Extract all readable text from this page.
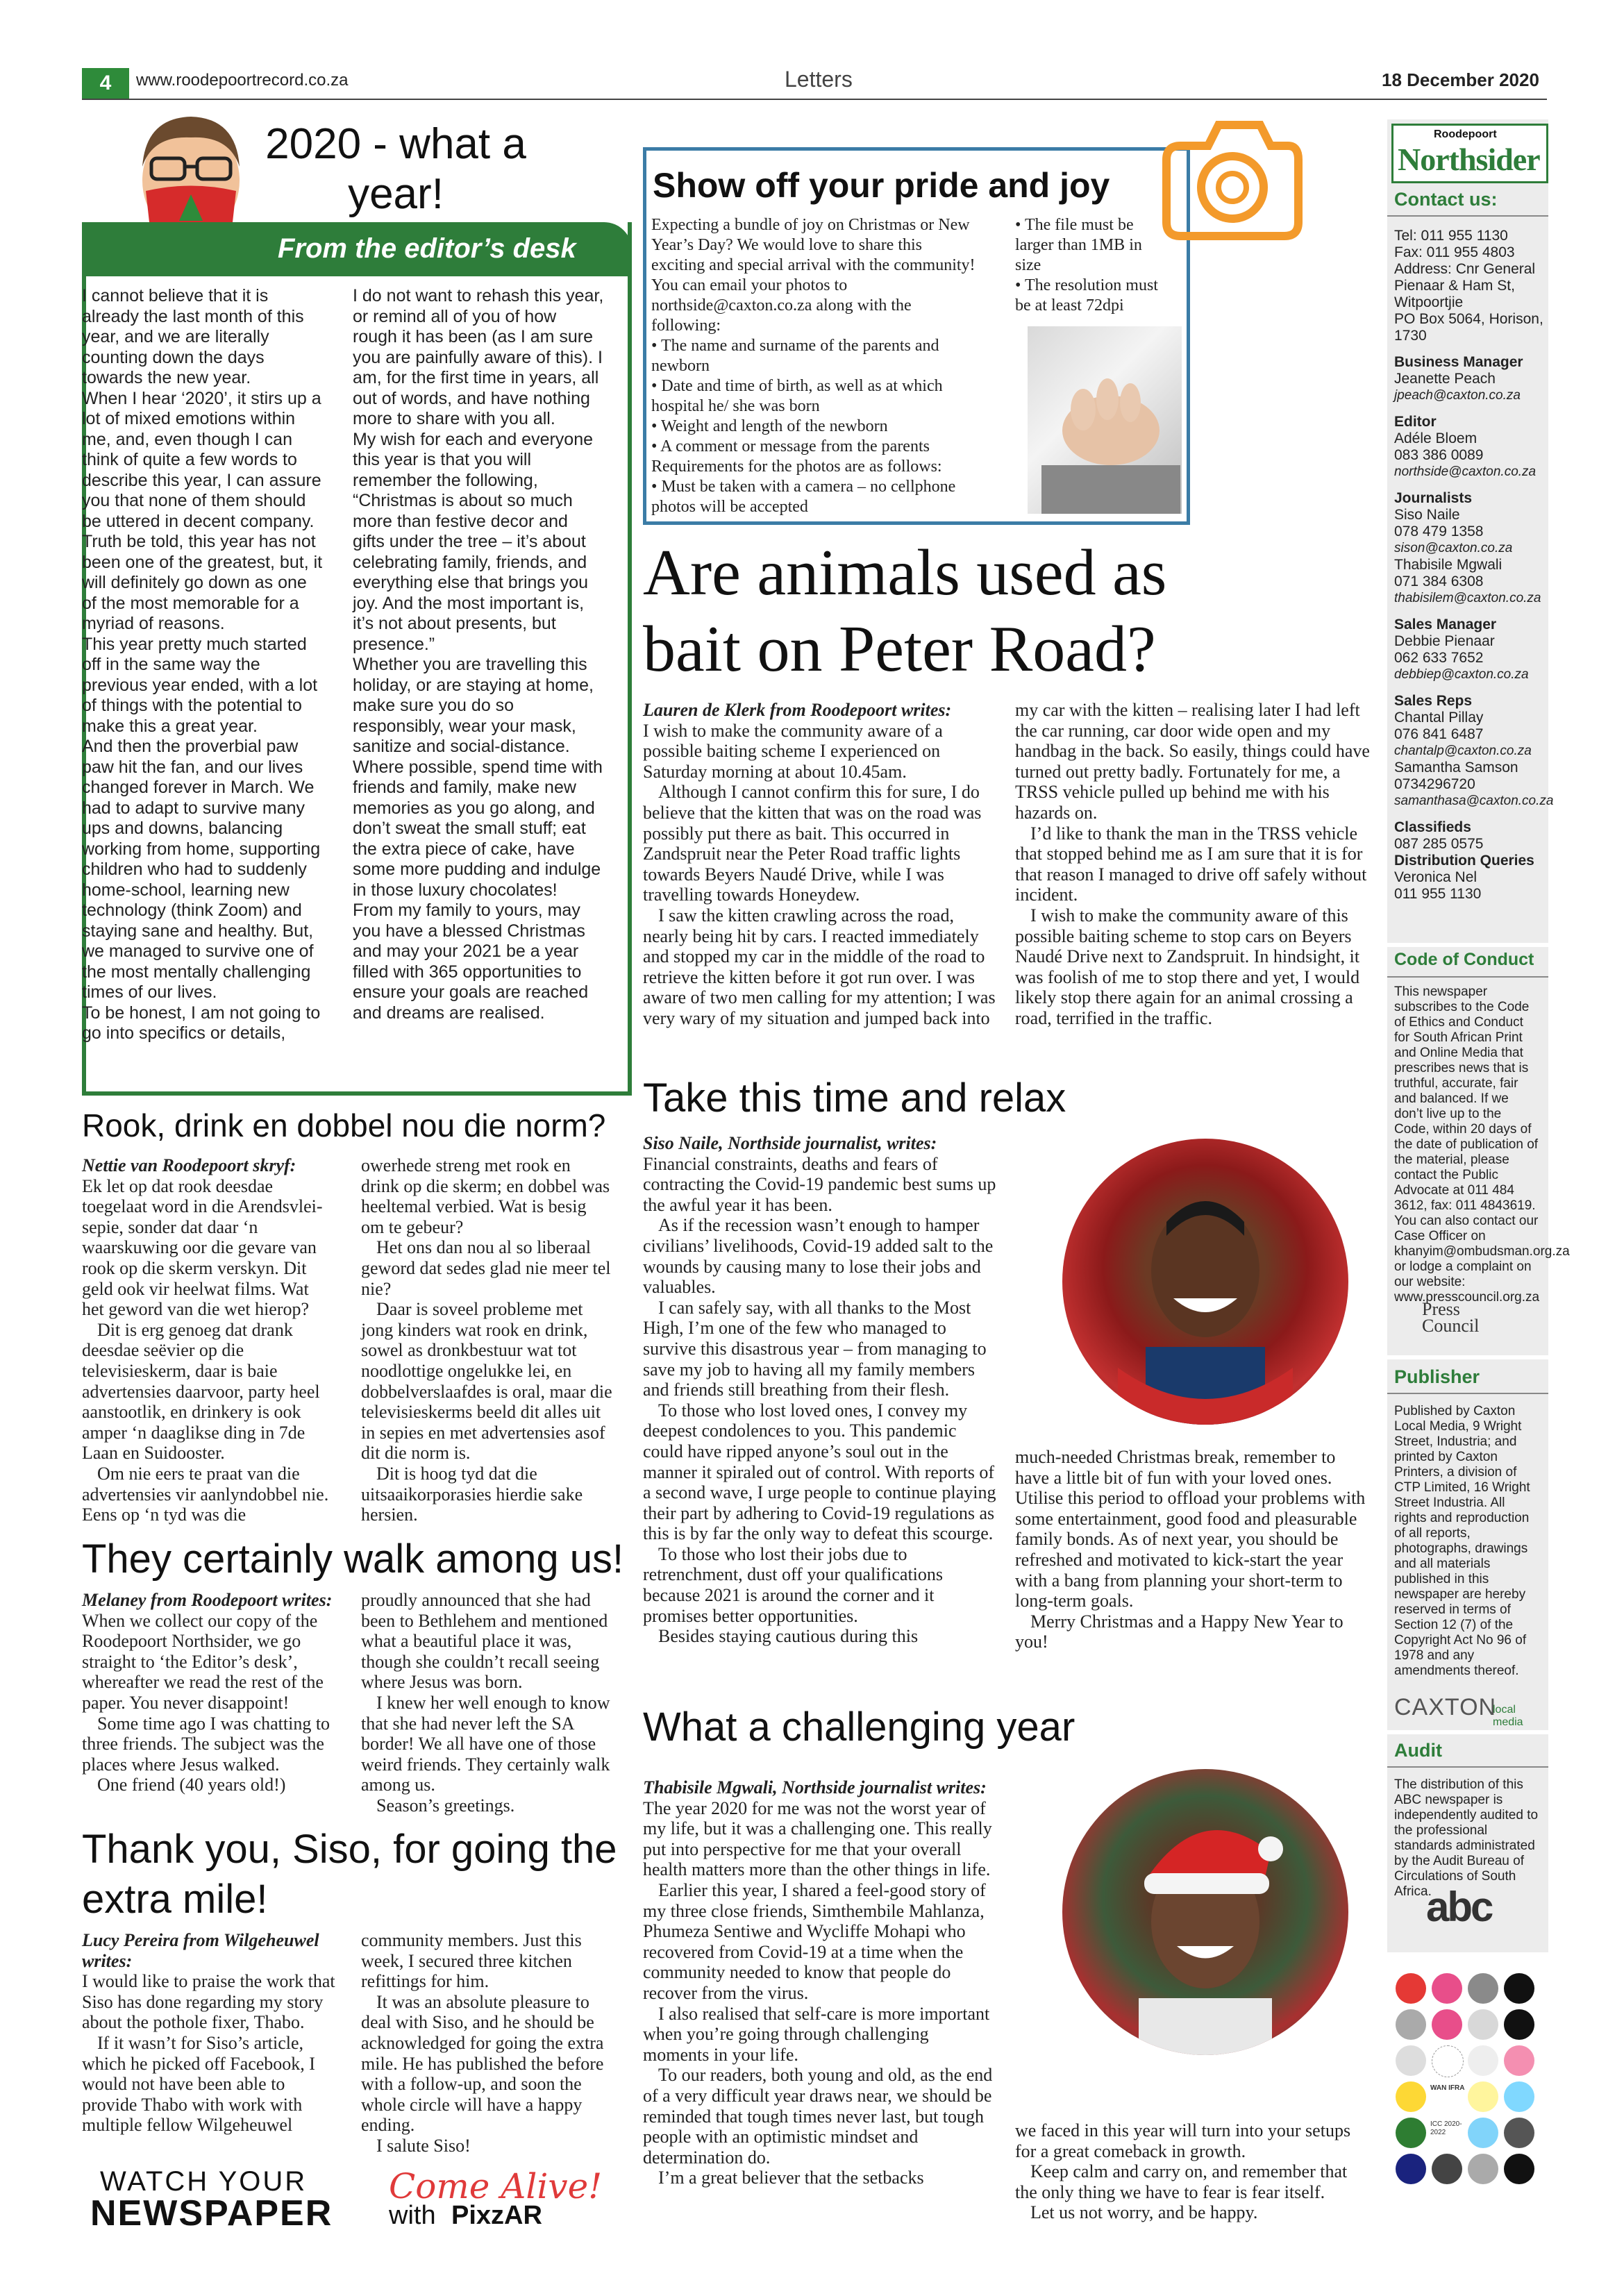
4	www.roodepoortrecord.co.za	Letters	18 December 2020
2020 - what a year!
From the editor’s desk

I cannot believe that it is already the last month of this year, and we are literally counting down the days towards the new year.

When I hear ‘2020’, it stirs up a lot of mixed emotions within me, and, even though I can think of quite a few words to describe this year, I can assure you that none of them should be uttered in decent company. Truth be told, this year has not been one of the greatest, but, it will definitely go down as one of the most memorable for a myriad of reasons.

This year pretty much started off in the same way the previous year ended, with a lot of things with the potential to make this a great year.

And then the proverbial paw paw hit the fan, and our lives changed forever in March. We had to adapt to survive many ups and downs, balancing working from home, supporting children who had to suddenly home-school, learning new technology (think Zoom) and staying sane and healthy. But, we managed to survive one of the most mentally challenging times of our lives.

To be honest, I am not going to go into specifics or details,

I do not want to rehash this year, or remind all of you of how rough it has been (as I am sure you are painfully aware of this). I am, for the first time in years, all out of words, and have nothing more to share with you all.

My wish for each and everyone this year is that you will remember the following, “Christmas is about so much more than festive decor and gifts under the tree – it’s about celebrating family, friends, and everything else that brings you joy. And the most important is, it’s not about presents, but presence.”

Whether you are travelling this holiday, or are staying at home, make sure you do so responsibly, wear your mask, sanitize and social-distance. Where possible, spend time with friends and family, make new memories as you go along, and don’t sweat the small stuff; eat the extra piece of cake, have some more pudding and indulge in those luxury chocolates!

From my family to yours, may you have a blessed Christmas and may your 2021 be a year filled with 365 opportunities to ensure your goals are reached and dreams are realised.

Show off your pride and joy

Expecting a bundle of joy on Christmas or New Year’s Day? We would love to share this exciting and special arrival with the community!

You can email your photos to northside@caxton.co.za along with the following:

• The name and surname of the parents and newborn

• Date and time of birth, as well as at which hospital he/ she was born

• Weight and length of the newborn

• A comment or message from the parents

Requirements for the photos are as follows:

• Must be taken with a camera – no cellphone photos will be accepted

• The file must be larger than 1MB in size

• The resolution must be at least 72dpi

Are animals used as bait on Peter Road?

Lauren de Klerk from Roodepoort writes:

I wish to make the community aware of a possible baiting scheme I experienced on Saturday morning at about 10.45am.

Although I cannot confirm this for sure, I do believe that the kitten that was on the road was possibly put there as bait. This occurred in Zandspruit near the Peter Road traffic lights towards Beyers Naudé Drive, while I was travelling towards Honeydew.

I saw the kitten crawling across the road, nearly being hit by cars. I reacted immediately and stopped my car in the middle of the road to retrieve the kitten before it got run over. I was aware of two men calling for my attention; I was very wary of my situation and jumped back into

my car with the kitten – realising later I had left the car running, car door wide open and my handbag in the back. So easily, things could have turned out pretty badly. Fortunately for me, a TRSS vehicle pulled up behind me with his hazards on.

I’d like to thank the man in the TRSS vehicle that stopped behind me as I am sure that it is for that reason I managed to drive off safely without incident.

I wish to make the community aware of this possible baiting scheme to stop cars on Beyers Naudé Drive next to Zandspruit. In hindsight, it was foolish of me to stop there and yet, I would likely stop there again for an animal crossing a road, terrified in the traffic.

Rook, drink en dobbel nou die norm?

Nettie van Roodepoort skryf:

Ek let op dat rook deesdae toegelaat word in die Arendsvlei-sepie, sonder dat daar ‘n waarskuwing oor die gevare van rook op die skerm verskyn. Dit geld ook vir heelwat films. Wat het geword van die wet hierop?

Dit is erg genoeg dat drank deesdae seëvier op die televisieskerm, daar is baie advertensies daarvoor, party heel aanstootlik, en drinkery is ook amper ‘n daaglikse ding in 7de Laan en Suidooster.

Om nie eers te praat van die advertensies vir aanlyndobbel nie. Eens op ‘n tyd was die

owerhede streng met rook en drink op die skerm; en dobbel was heeltemal verbied. Wat is besig om te gebeur?

Het ons dan nou al so liberaal geword dat sedes glad nie meer tel nie?

Daar is soveel probleme met jong kinders wat rook en drink, sowel as dronkbestuur wat tot noodlottige ongelukke lei, en dobbelverslaafdes is oral, maar die televisieskerms beeld dit alles uit in sepies en met advertensies asof dit die norm is.

Dit is hoog tyd dat die uitsaaikorporasies hierdie sake hersien.

Take this time and relax

Siso Naile, Northside journalist, writes:

Financial constraints, deaths and fears of contracting the Covid-19 pandemic best sums up the awful year it has been.

As if the recession wasn’t enough to hamper civilians’ livelihoods, Covid-19 added salt to the wounds by causing many to lose their jobs and valuables.

I can safely say, with all thanks to the Most High, I’m one of the few who managed to survive this disastrous year – from managing to save my job to having all my family members and friends still breathing from their flesh.

To those who lost loved ones, I convey my deepest condolences to you. This pandemic could have ripped anyone’s soul out in the manner it spiraled out of control. With reports of a second wave, I urge people to continue playing their part by adhering to Covid-19 regulations as this is by far the only way to defeat this scourge.

To those who lost their jobs due to retrenchment, dust off your qualifications because 2021 is around the corner and it promises better opportunities.

Besides staying cautious during this

much-needed Christmas break, remember to have a little bit of fun with your loved ones. Utilise this period to offload your problems with some entertainment, good food and pleasurable family bonds. As of next year, you should be refreshed and motivated to kick-start the year with a bang from planning your short-term to long-term goals.

Merry Christmas and a Happy New Year to you!

They certainly walk among us!

Melaney from Roodepoort writes:

When we collect our copy of the Roodepoort Northsider, we go straight to ‘the Editor’s desk’, whereafter we read the rest of the paper. You never disappoint!

Some time ago I was chatting to three friends. The subject was the places where Jesus walked.

One friend (40 years old!)

proudly announced that she had been to Bethlehem and mentioned what a beautiful place it was, though she couldn’t recall seeing where Jesus was born.

I knew her well enough to know that she had never left the SA border! We all have one of those weird friends. They certainly walk among us.

Season’s greetings.

Thank you, Siso, for going the extra mile!

Lucy Pereira from Wilgeheuwel writes:

I would like to praise the work that Siso has done regarding my story about the pothole fixer, Thabo.

If it wasn’t for Siso’s article, which he picked off Facebook, I would not have been able to provide Thabo with work with multiple fellow Wilgeheuwel

community members. Just this week, I secured three kitchen refittings for him.

It was an absolute pleasure to deal with Siso, and he should be acknowledged for going the extra mile. He has published the before with a follow-up, and soon the whole circle will have a happy ending.

I salute Siso!

WATCH YOUR
NEWSPAPER
Come Alive!
with PixzAR
What a challenging year

Thabisile Mgwali, Northside journalist writes:

The year 2020 for me was not the worst year of my life, but it was a challenging one. This really put into perspective for me that your overall health matters more than the other things in life.

Earlier this year, I shared a feel-good story of my three close friends, Simthembile Mahlanza, Phumeza Sentiwe and Wycliffe Mohapi who recovered from Covid-19 at a time when the community needed to know that people do recover from the virus.

I also realised that self-care is more important when you’re going through challenging moments in your life.

To our readers, both young and old, as the end of a very difficult year draws near, we should be reminded that tough times never last, but tough people with an optimistic mindset and determination do.

I’m a great believer that the setbacks

we faced in this year will turn into your setups for a great comeback in growth.

Keep calm and carry on, and remember that the only thing we have to fear is fear itself.

Let us not worry, and be happy.

Roodepoort
Northsider
Contact us:

Tel: 011 955 1130

Fax: 011 955 4803

Address: Cnr General Pienaar & Ham St, Witpoortjie

PO Box 5064, Horison, 1730

Business Manager

Jeanette Peach

jpeach@caxton.co.za

Editor

Adéle Bloem

083 386 0089

northside@caxton.co.za

Journalists

Siso Naile

078 479 1358

sison@caxton.co.za

Thabisile Mgwali

071 384 6308

thabisilem@caxton.co.za

Sales Manager

Debbie Pienaar

062 633 7652

debbiep@caxton.co.za

Sales Reps

Chantal Pillay

076 841 6487

chantalp@caxton.co.za

Samantha Samson

0734296720

samanthasa@caxton.co.za

Classifieds

087 285 0575

Distribution Queries

Veronica Nel

011 955 1130

Code of Conduct
This newspaper subscribes to the Code of Ethics and Conduct for South African Print and Online Media that prescribes news that is truthful, accurate, fair and balanced. If we don’t live up to the Code, within 20 days of the date of publication of the material, please contact the Public Advocate at 011 484 3612, fax: 011 4843619. You can also contact our Case Officer on khanyim@ombudsman.org.za or lodge a complaint on our website: www.presscouncil.org.za
Press Council
Publisher
Published by Caxton Local Media, 9 Wright Street, Industria; and printed by Caxton Printers, a division of CTP Limited, 16 Wright Street Industria. All rights and reproduction of all reports, photographs, drawings and all materials published in this newspaper are hereby reserved in terms of Section 12 (7) of the Copyright Act No 96 of 1978 and any amendments thereof.
CAXTON
local media
Audit
The distribution of this ABC newspaper is independently audited to the professional standards administrated by the Audit Bureau of Circulations of South Africa.
abc
WAN IFRA
ICC 2020-2022
